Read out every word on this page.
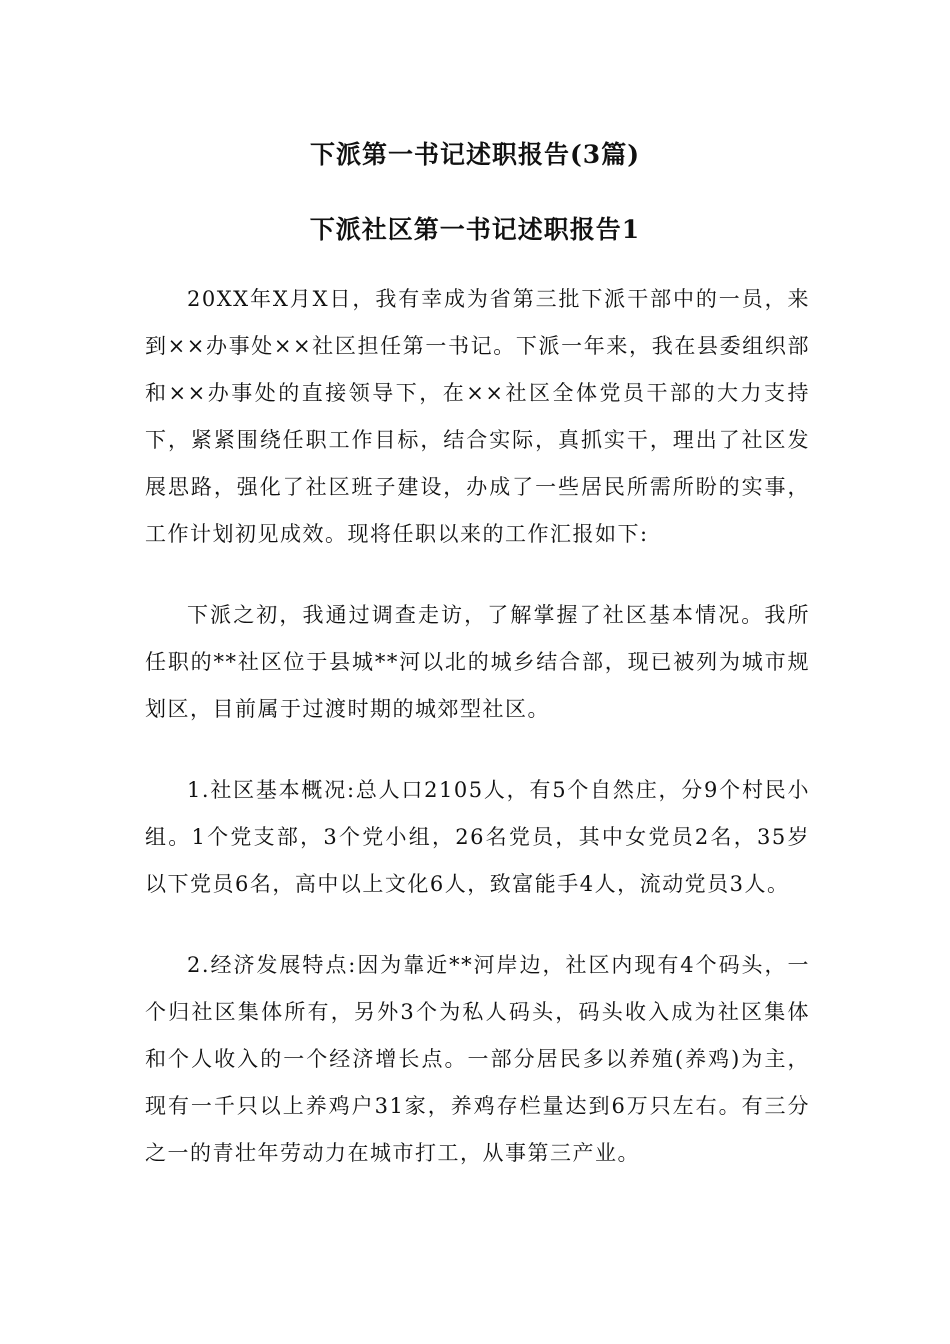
下派第一书记述职报告(3篇)
下派社区第一书记述职报告1

20XX年X月X日，我有幸成为省第三批下派干部中的一员，来到××办事处××社区担任第一书记。下派一年来，我在县委组织部和××办事处的直接领导下，在××社区全体党员干部的大力支持下，紧紧围绕任职工作目标，结合实际，真抓实干，理出了社区发展思路，强化了社区班子建设，办成了一些居民所需所盼的实事，工作计划初见成效。现将任职以来的工作汇报如下:

下派之初，我通过调查走访，了解掌握了社区基本情况。我所任职的**社区位于县城**河以北的城乡结合部，现已被列为城市规划区，目前属于过渡时期的城郊型社区。

1.社区基本概况:总人口2105人，有5个自然庄，分9个村民小组。1个党支部，3个党小组，26名党员，其中女党员2名，35岁以下党员6名，高中以上文化6人，致富能手4人，流动党员3人。

2.经济发展特点:因为靠近**河岸边，社区内现有4个码头，一个归社区集体所有，另外3个为私人码头，码头收入成为社区集体和个人收入的一个经济增长点。一部分居民多以养殖(养鸡)为主，现有一千只以上养鸡户31家，养鸡存栏量达到6万只左右。有三分之一的青壮年劳动力在城市打工，从事第三产业。
